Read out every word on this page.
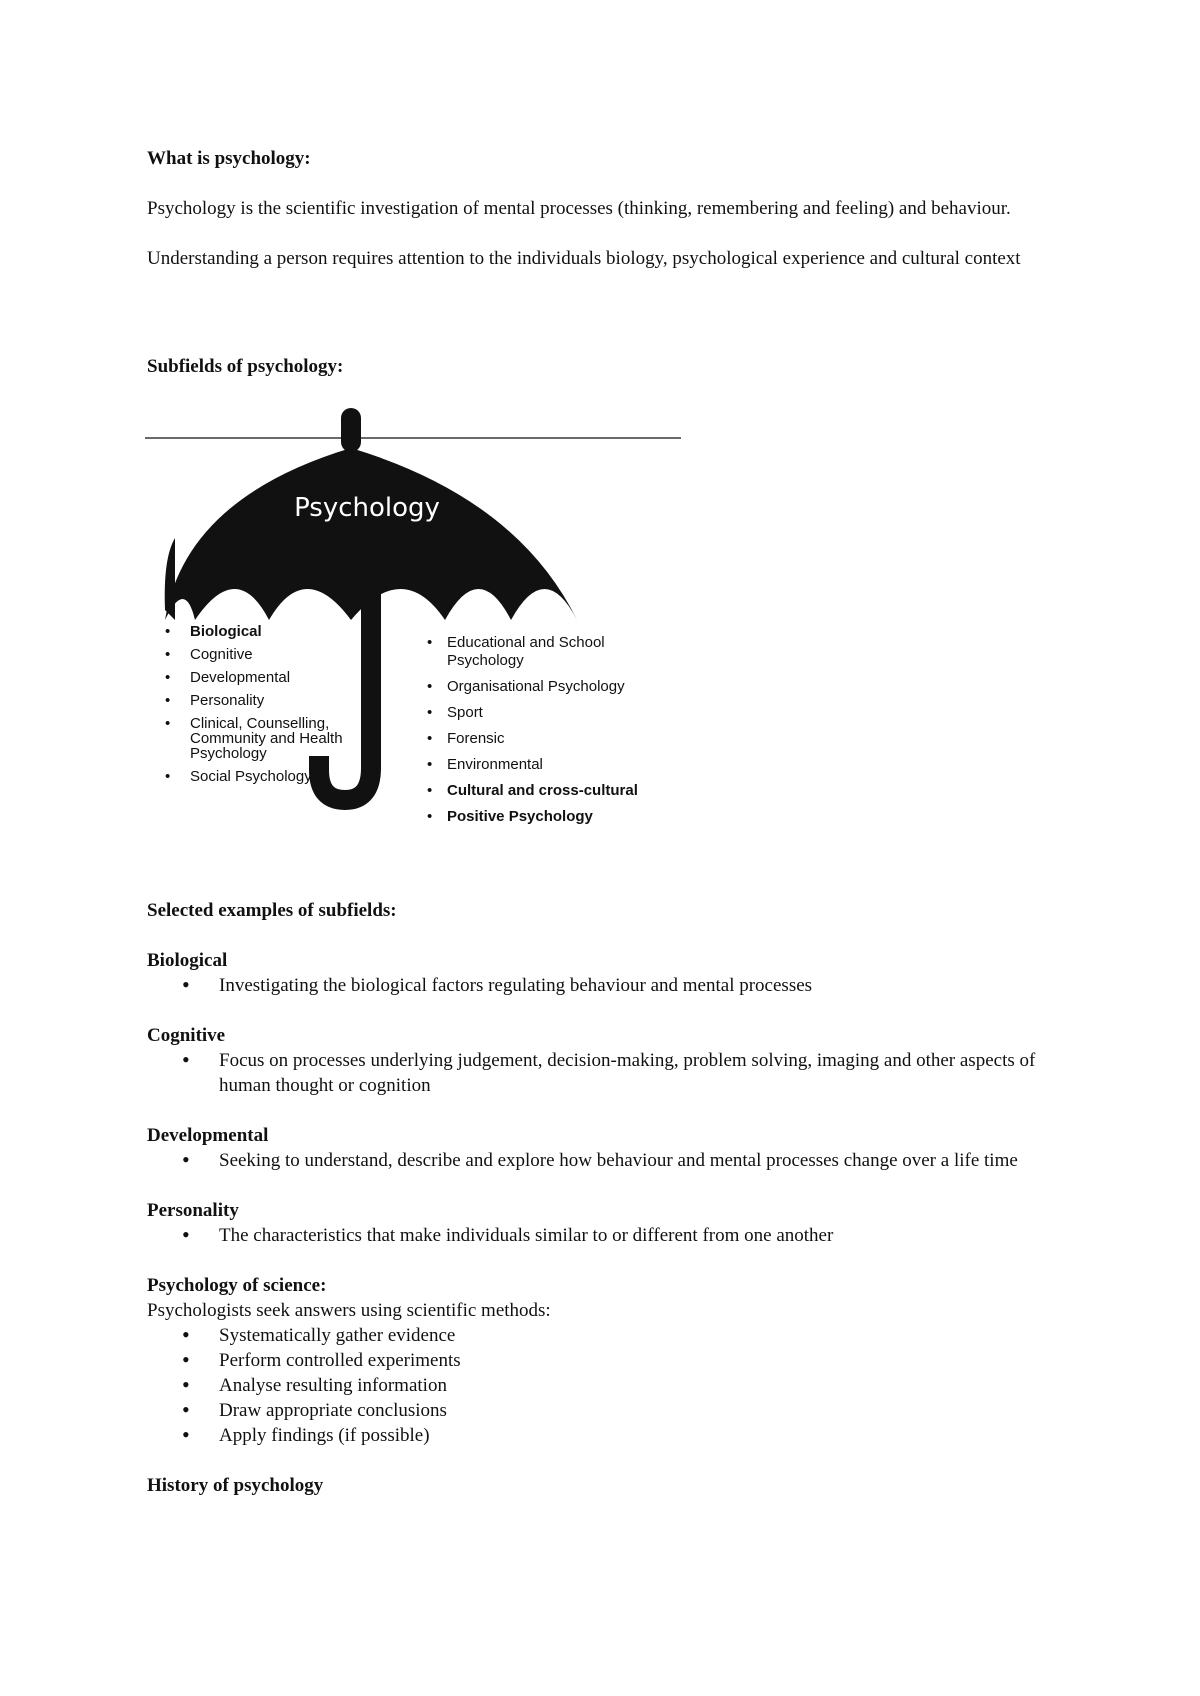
What is psychology:

Psychology is the scientific investigation of mental processes (thinking, remembering and feeling) and behaviour.

Understanding a person requires attention to the individuals biology, psychological experience and cultural context

Subfields of psychology:
Psychology
• Biological
• Cognitive
• Developmental
• Personality
• Clinical, Counselling, Community and Health Psychology
• Social Psychology
• Educational and School Psychology
• Organisational Psychology
• Sport
• Forensic
• Environmental
• Cultural and cross-cultural
• Positive Psychology
Selected examples of subfields:
Biological
• Investigating the biological factors regulating behaviour and mental processes
Cognitive
• Focus on processes underlying judgement, decision-making, problem solving, imaging and other aspects of human thought or cognition
Developmental
• Seeking to understand, describe and explore how behaviour and mental processes change over a life time
Personality
• The characteristics that make individuals similar to or different from one another
Psychology of science:
Psychologists seek answers using scientific methods:
• Systematically gather evidence
• Perform controlled experiments
• Analyse resulting information
• Draw appropriate conclusions
• Apply findings (if possible)
History of psychology
